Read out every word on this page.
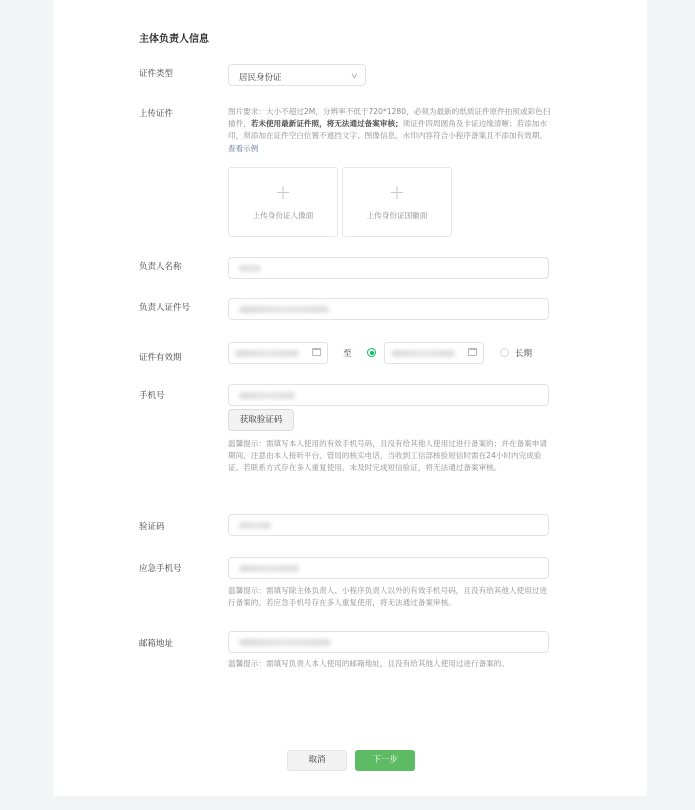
主体负责人信息
证件类型	居民身份证	v
上传证件	图片要求：大小不超过2M，分辨率不低于720*1280，必须为最新的纸质证件原件拍照或彩色扫描件，若未使用最新证件照，将无法通过备案审核；须证件四周圆角及卡证边缘清晰；若添加水印，须添加在证件空白位置不遮挡文字、图像信息，水印内容符合小程序备案且不添加有效期。查看示例
+
上传身份证人像面
+
上传身份证国徽面
负责人名称
负责人证件号
证件有效期	至	长期
手机号
获取验证码
温馨提示：需填写本人使用的有效手机号码，且没有给其他人使用过进行备案的；并在备案申请期间，注意由本人接听平台、管局的核实电话，当收到工信部核验短信时需在24小时内完成验证。若联系方式存在多人重复使用、未及时完成短信验证，将无法通过备案审核。
验证码
应急手机号
温馨提示：需填写除主体负责人、小程序负责人以外的有效手机号码，且没有给其他人使用过进行备案的。若应急手机号存在多人重复使用，将无法通过备案审核。
邮箱地址
温馨提示：需填写负责人本人使用的邮箱地址，且没有给其他人使用过进行备案的。
取消	下一步
